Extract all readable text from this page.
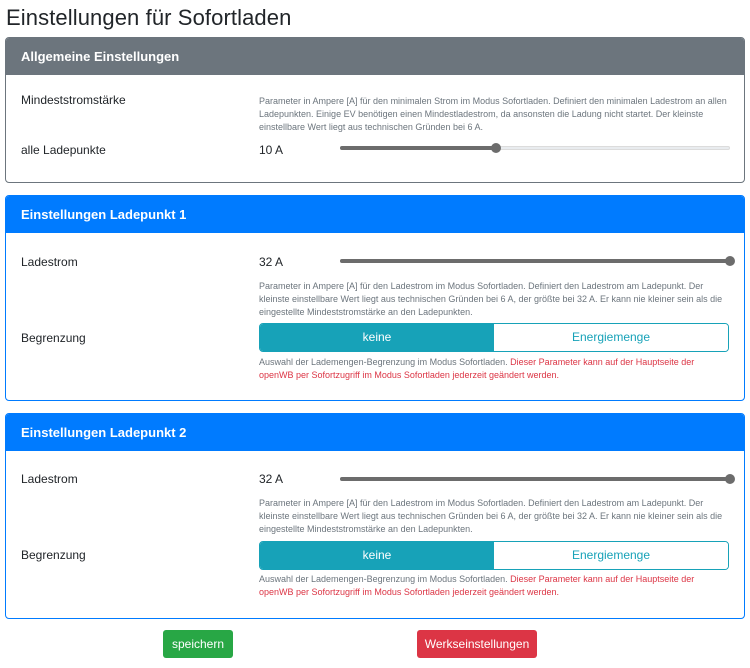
Einstellungen für Sofortladen
Allgemeine Einstellungen
Mindeststromstärke	Parameter in Ampere [A] für den minimalen Strom im Modus Sofortladen. Definiert den minimalen Ladestrom an allen Ladepunkten. Einige EV benötigen einen Mindestladestrom, da ansonsten die Ladung nicht startet. Der kleinste einstellbare Wert liegt aus technischen Gründen bei 6 A.
alle Ladepunkte	10 A
Einstellungen Ladepunkt 1
Ladestrom	32 A
Parameter in Ampere [A] für den Ladestrom im Modus Sofortladen. Definiert den Ladestrom am Ladepunkt. Der kleinste einstellbare Wert liegt aus technischen Gründen bei 6 A, der größte bei 32 A. Er kann nie kleiner sein als die eingestellte Mindeststromstärke an den Ladepunkten.
Begrenzung	keine	Energiemenge
Auswahl der Lademengen-Begrenzung im Modus Sofortladen. Dieser Parameter kann auf der Hauptseite der openWB per Sofortzugriff im Modus Sofortladen jederzeit geändert werden.
Einstellungen Ladepunkt 2
Ladestrom	32 A
Parameter in Ampere [A] für den Ladestrom im Modus Sofortladen. Definiert den Ladestrom am Ladepunkt. Der kleinste einstellbare Wert liegt aus technischen Gründen bei 6 A, der größte bei 32 A. Er kann nie kleiner sein als die eingestellte Mindeststromstärke an den Ladepunkten.
Begrenzung	keine	Energiemenge
Auswahl der Lademengen-Begrenzung im Modus Sofortladen. Dieser Parameter kann auf der Hauptseite der openWB per Sofortzugriff im Modus Sofortladen jederzeit geändert werden.
speichern	Werkseinstellungen
